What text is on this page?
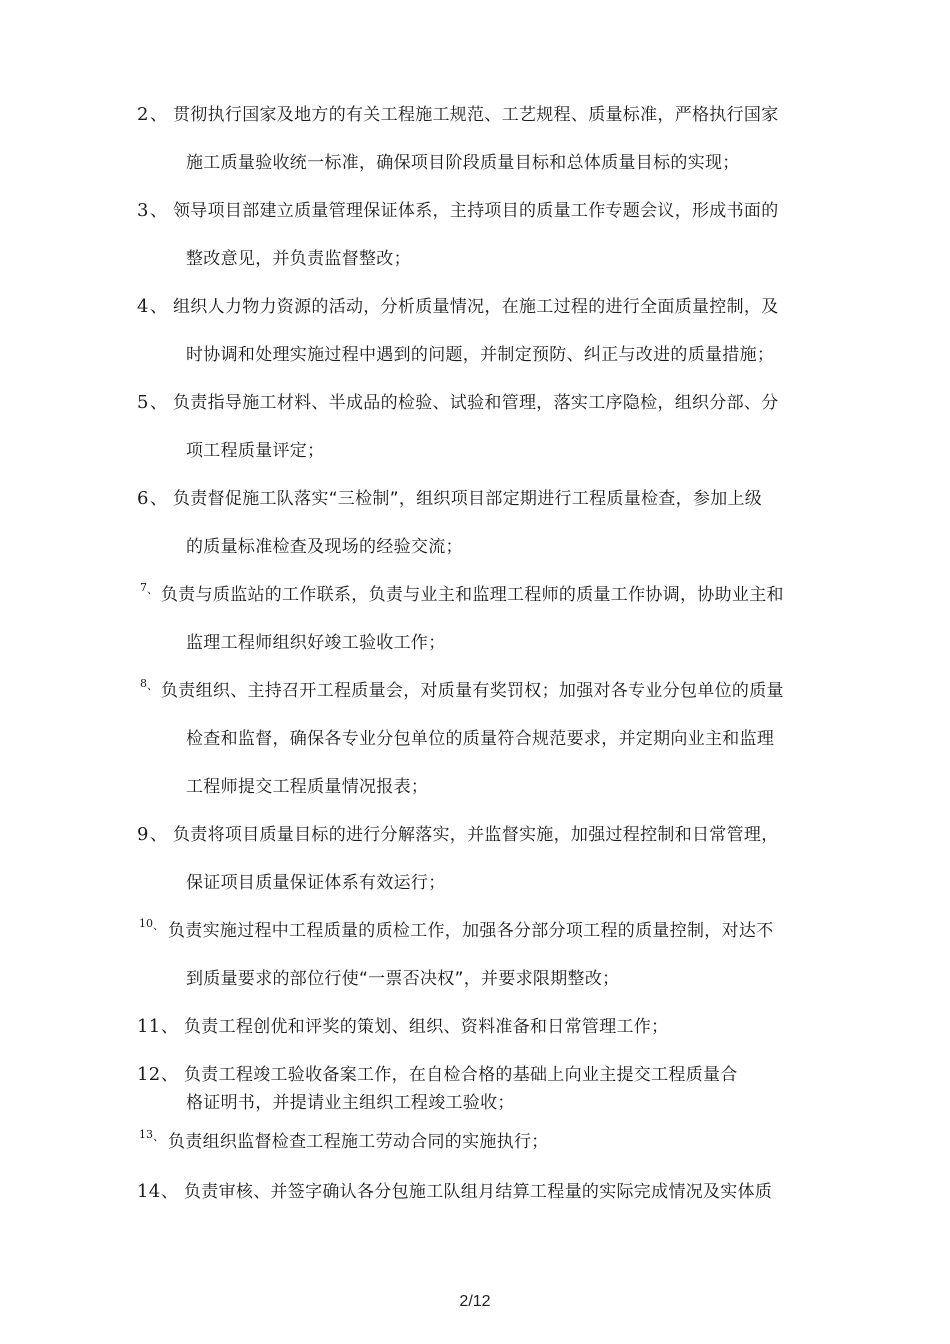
2 、 贯彻执行国家及地方的有关工程施工规范、工艺规程、质量标准，严格执行国家
施工质量验收统一标准，确保项目阶段质量目标和总体质量目标的实现；
3 、 领导项目部建立质量管理保证体系，主持项目的质量工作专题会议，形成书面的
整改意见，并负责监督整改；
4 、 组织人力物力资源的活动，分析质量情况，在施工过程的进行全面质量控制，及
时协调和处理实施过程中遇到的问题，并制定预防、纠正与改进的质量措施；
5 、 负责指导施工材料、半成品的检验、试验和管理，落实工序隐检，组织分部、分
项工程质量评定；
6 、 负责督促施工队落实“三检制”，组织项目部定期进行工程质量检查，参加上级
的质量标准检查及现场的经验交流；
7 、 负责与质监站的工作联系，负责与业主和监理工程师的质量工作协调，协助业主和
监理工程师组织好竣工验收工作；
8 、 负责组织、主持召开工程质量会，对质量有奖罚权；加强对各专业分包单位的质量
检查和监督，确保各专业分包单位的质量符合规范要求，并定期向业主和监理
工程师提交工程质量情况报表；
9 、 负责将项目质量目标的进行分解落实，并监督实施，加强过程控制和日常管理，
保证项目质量保证体系有效运行；
10 、 负责实施过程中工程质量的质检工作，加强各分部分项工程的质量控制，对达不
到质量要求的部位行使“一票否决权”，并要求限期整改；
11 、 负责工程创优和评奖的策划、组织、资料准备和日常管理工作；
12 、 负责工程竣工验收备案工作，在自检合格的基础上向业主提交工程质量合
格证明书，并提请业主组织工程竣工验收；
13 、 负责组织监督检查工程施工劳动合同的实施执行；
14 、 负责审核、并签字确认各分包施工队组月结算工程量的实际完成情况及实体质
2/12
